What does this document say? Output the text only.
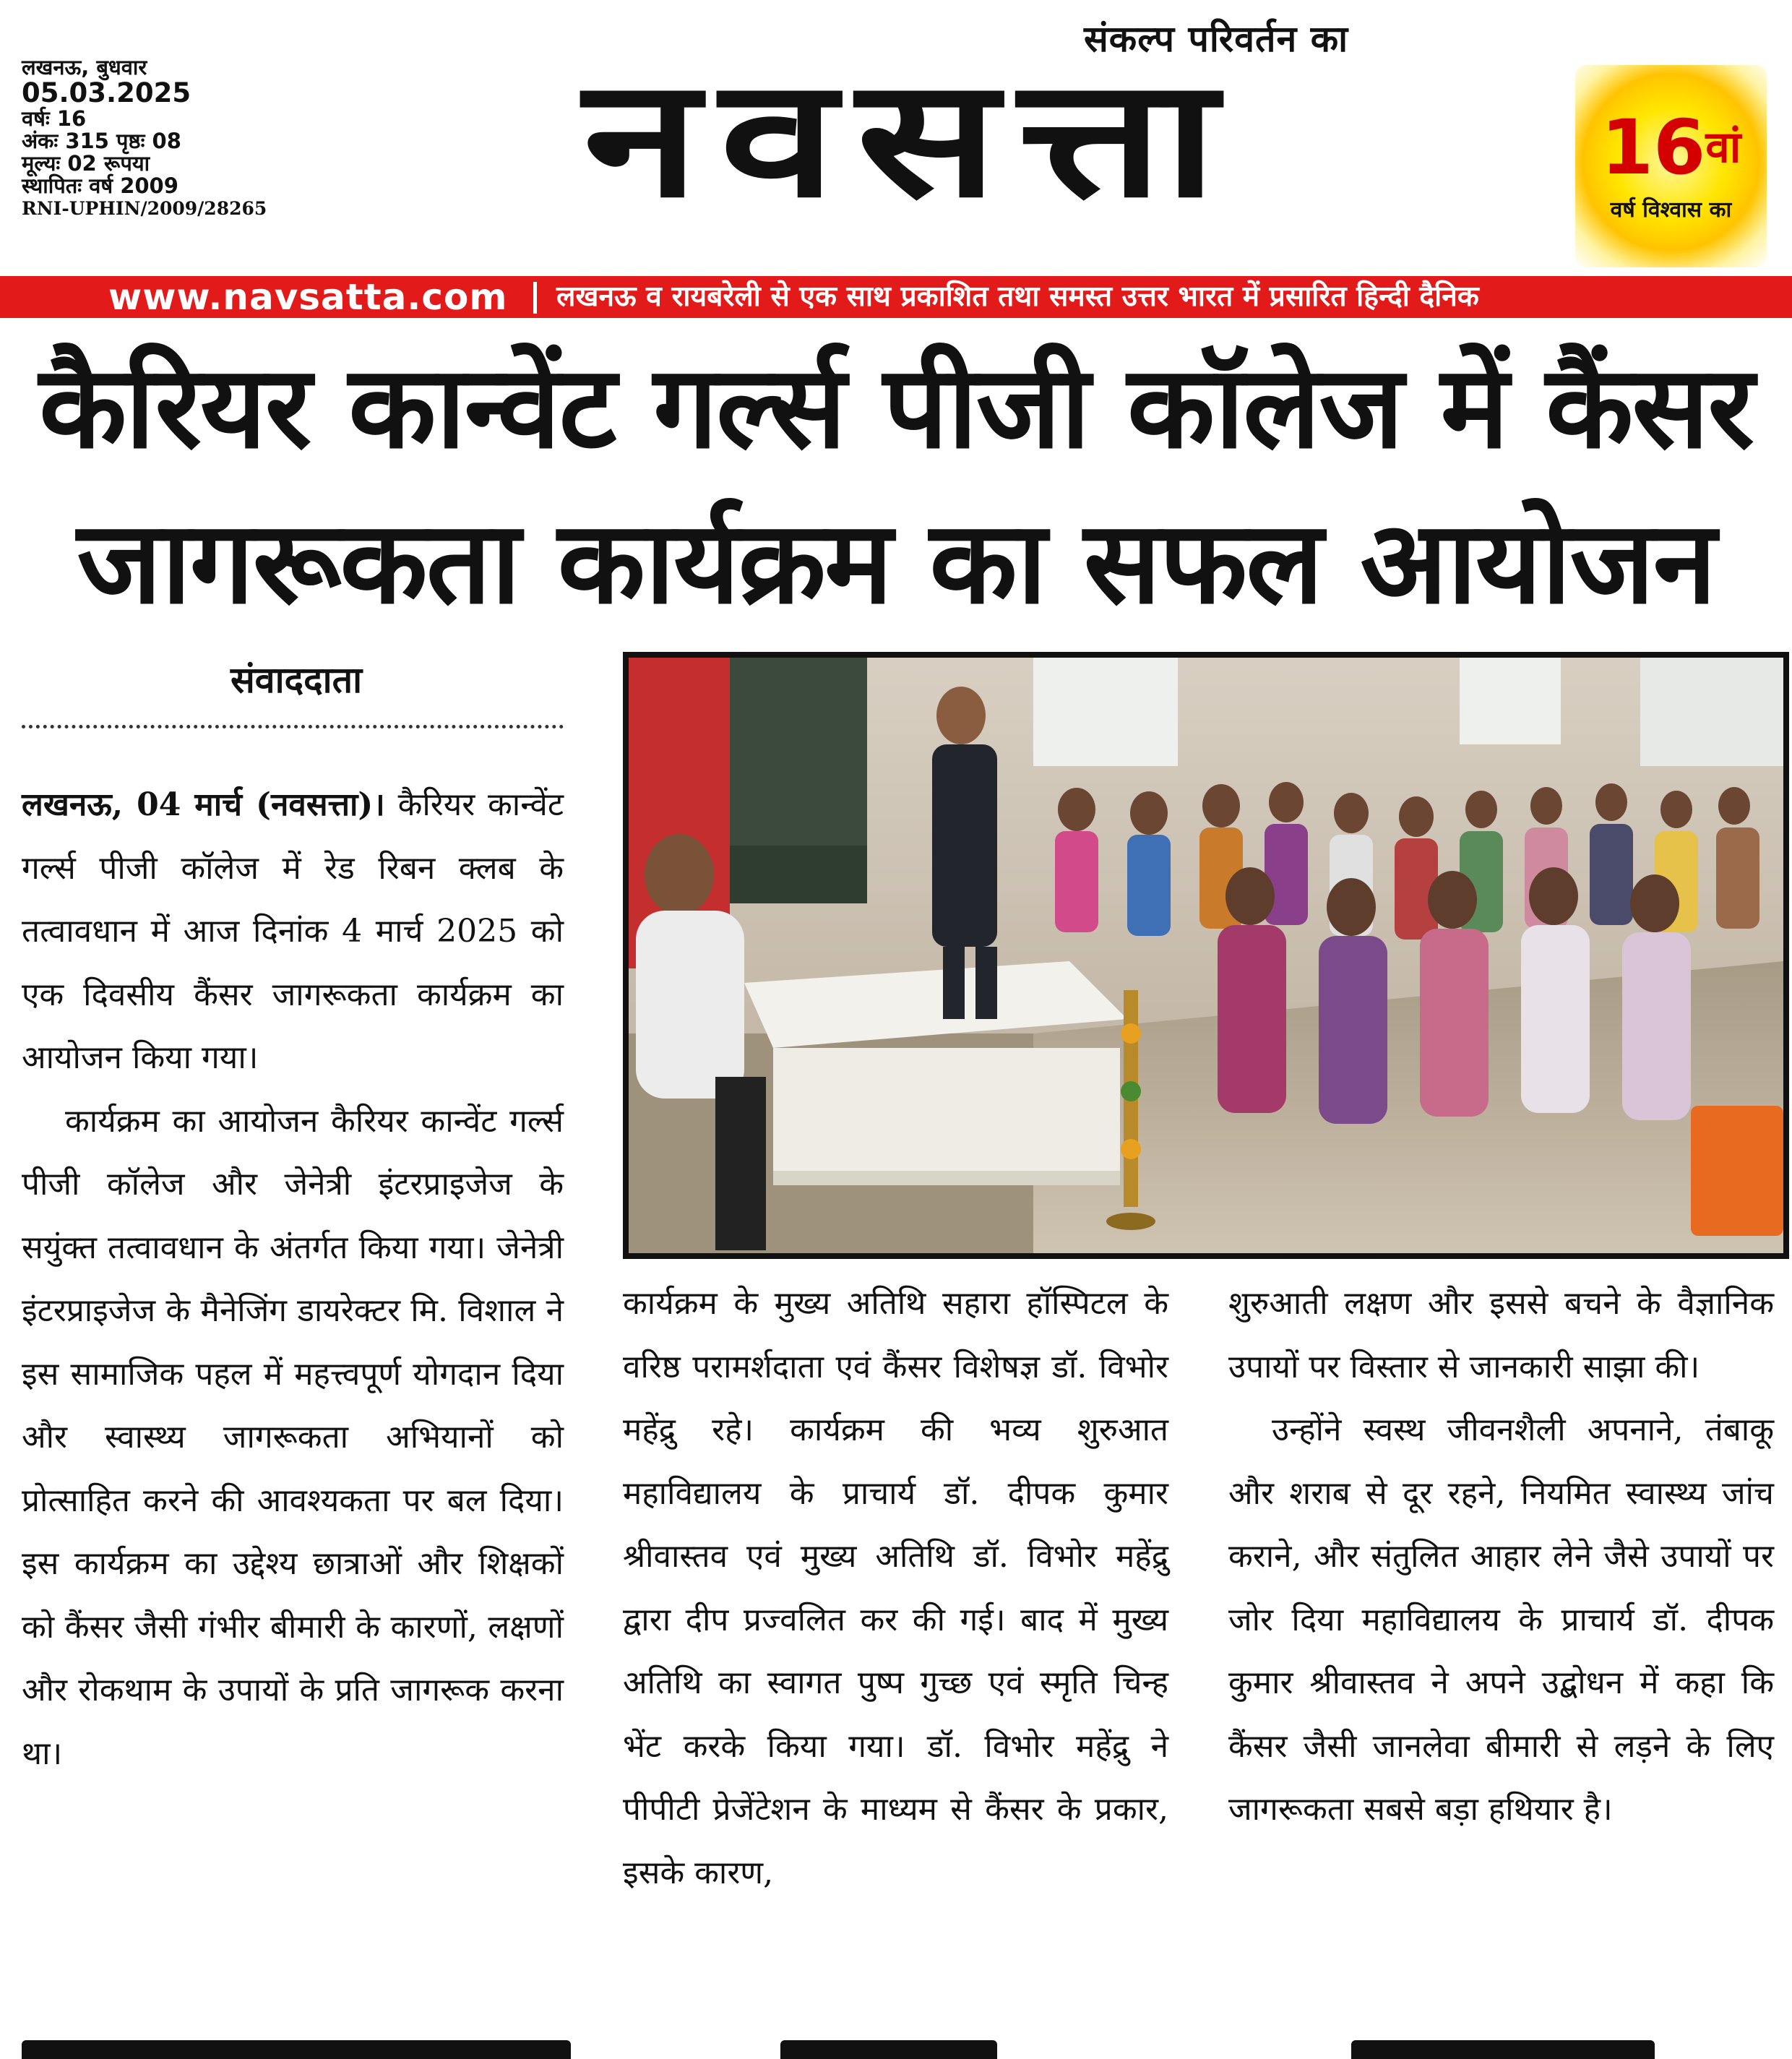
लखनऊ, बुधवार
05.03.2025
वर्षः 16
अंकः 315 पृष्ठः 08
मूल्यः 02 रूपया
स्थापितः वर्ष 2009
RNI-UPHIN/2009/28265
संकल्प परिवर्तन का
नवसत्ता	$16^{वां}$
वर्ष विश्वास का
www.navsatta.com लखनऊ व रायबरेली से एक साथ प्रकाशित तथा समस्त उत्तर भारत में प्रसारित हिन्दी दैनिक
कैरियर कान्वेंट गर्ल्स पीजी कॉलेज में कैंसर
जागरूकता कार्यक्रम का सफल आयोजन
संवाददाता

लखनऊ, 04 मार्च (नवसत्ता)। कैरियर कान्वेंट गर्ल्स पीजी कॉलेज में रेड रिबन क्लब के तत्वावधान में आज दिनांक 4 मार्च 2025 को एक दिवसीय कैंसर जागरूकता कार्यक्रम का आयोजन किया गया।

कार्यक्रम का आयोजन कैरियर कान्वेंट गर्ल्स पीजी कॉलेज और जेनेत्री इंटरप्राइजेज के सयुंक्त तत्वावधान के अंतर्गत किया गया। जेनेत्री इंटरप्राइजेज के मैनेजिंग डायरेक्टर मि. विशाल ने इस सामाजिक पहल में महत्त्वपूर्ण योगदान दिया और स्वास्थ्य जागरूकता अभियानों को प्रोत्साहित करने की आवश्यकता पर बल दिया। इस कार्यक्रम का उद्देश्य छात्राओं और शिक्षकों को कैंसर जैसी गंभीर बीमारी के कारणों, लक्षणों और रोकथाम के उपायों के प्रति जागरूक करना था।

कार्यक्रम के मुख्य अतिथि सहारा हॉस्पिटल के वरिष्ठ परामर्शदाता एवं कैंसर विशेषज्ञ डॉ. विभोर महेंद्रु रहे। कार्यक्रम की भव्य शुरुआत महाविद्यालय के प्राचार्य डॉ. दीपक कुमार श्रीवास्तव एवं मुख्य अतिथि डॉ. विभोर महेंद्रु द्वारा दीप प्रज्वलित कर की गई। बाद में मुख्य अतिथि का स्वागत पुष्प गुच्छ एवं स्मृति चिन्ह भेंट करके किया गया। डॉ. विभोर महेंद्रु ने पीपीटी प्रेजेंटेशन के माध्यम से कैंसर के प्रकार, इसके कारण,

शुरुआती लक्षण और इससे बचने के वैज्ञानिक उपायों पर विस्तार से जानकारी साझा की।

उन्होंने स्वस्थ जीवनशैली अपनाने, तंबाकू और शराब से दूर रहने, नियमित स्वास्थ्य जांच कराने, और संतुलित आहार लेने जैसे उपायों पर जोर दिया महाविद्यालय के प्राचार्य डॉ. दीपक कुमार श्रीवास्तव ने अपने उद्बोधन में कहा कि कैंसर जैसी जानलेवा बीमारी से लड़ने के लिए जागरूकता सबसे बड़ा हथियार है।
